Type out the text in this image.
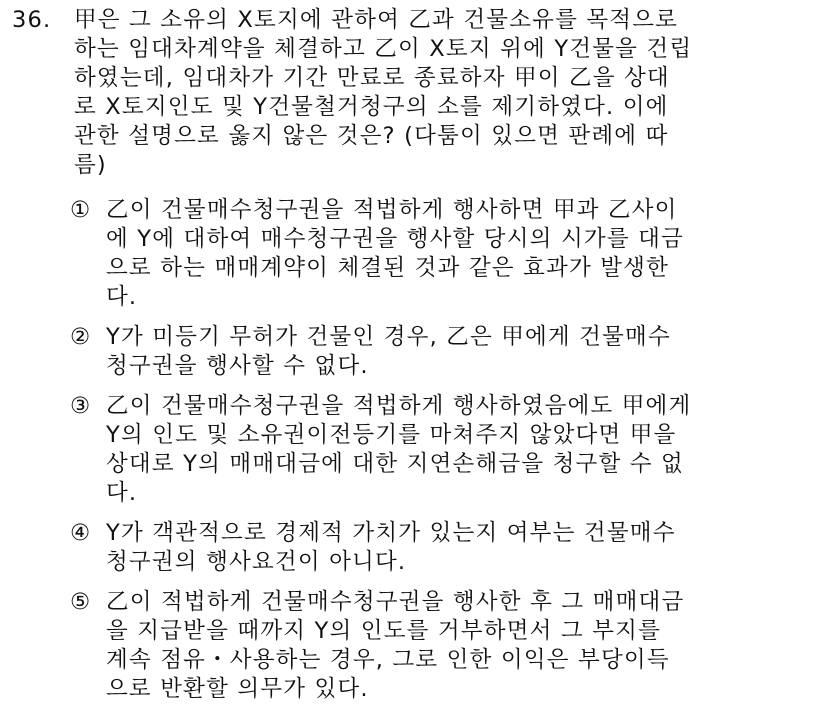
36. 甲은 그 소유의 X토지에 관하여 乙과 건물소유를 목적으로
하는 임대차계약을 체결하고 乙이 X토지 위에 Y건물을 건립
하였는데, 임대차가 기간 만료로 종료하자 甲이 乙을 상대
로 X토지인도 및 Y건물철거청구의 소를 제기하였다. 이에
관한 설명으로 옳지 않은 것은? (다툼이 있으면 판례에 따
름)
① 乙이 건물매수청구권을 적법하게 행사하면 甲과 乙사이
에 Y에 대하여 매수청구권을 행사할 당시의 시가를 대금
으로 하는 매매계약이 체결된 것과 같은 효과가 발생한
다.
② Y가 미등기 무허가 건물인 경우, 乙은 甲에게 건물매수
청구권을 행사할 수 없다.
③ 乙이 건물매수청구권을 적법하게 행사하였음에도 甲에게
Y의 인도 및 소유권이전등기를 마쳐주지 않았다면 甲을
상대로 Y의 매매대금에 대한 지연손해금을 청구할 수 없
다.
④ Y가 객관적으로 경제적 가치가 있는지 여부는 건물매수
청구권의 행사요건이 아니다.
⑤ 乙이 적법하게 건물매수청구권을 행사한 후 그 매매대금
을 지급받을 때까지 Y의 인도를 거부하면서 그 부지를
계속 점유・사용하는 경우, 그로 인한 이익은 부당이득
으로 반환할 의무가 있다.
